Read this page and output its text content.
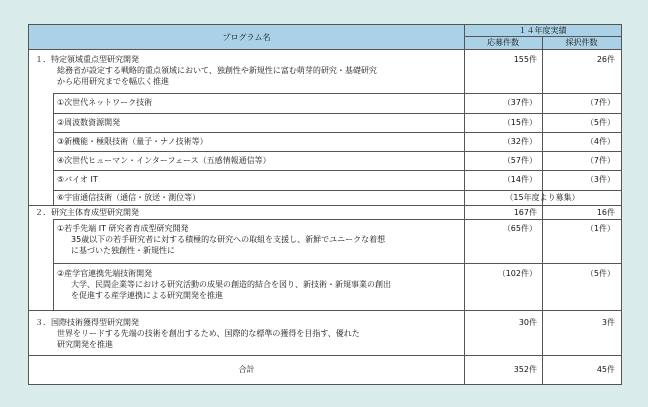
プログラム名
１４年度実績
応募件数	採択件数
１．特定領域重点型研究開発
総務省が設定する戦略的重点領域において、独創性や新規性に富む萌芽的研究・基礎研究
から応用研究までを幅広く推進
155件	26件
①次世代ネットワーク技術	（37件）	（7件）
②周波数資源開発	（15件）	（5件）
③新機能・極限技術（量子・ナノ技術等）	（32件）	（4件）
④次世代ヒューマン・インターフェース（五感情報通信等）	（57件）	（7件）
⑤バイオ IT	（14件）	（3件）
⑥宇宙通信技術（通信・放送・測位等）	（15年度より募集）
２．研究主体育成型研究開発	167件	16件
①若手先端 IT 研究者育成型研究開発
35歳以下の若手研究者に対する積極的な研究への取組を支援し、新鮮でユニークな着想
に基づいた独創性・新規性に
（65件）	（1件）
②産学官連携先端技術開発
大学、民間企業等における研究活動の成果の創造的結合を図り、新技術・新規事業の創出
を促進する産学連携による研究開発を推進
（102件）	（5件）
３．国際技術獲得型研究開発
世界をリードする先端の技術を創出するため、国際的な標準の獲得を目指す、優れた
研究開発を推進
30件	3件
合計	352件	45件
